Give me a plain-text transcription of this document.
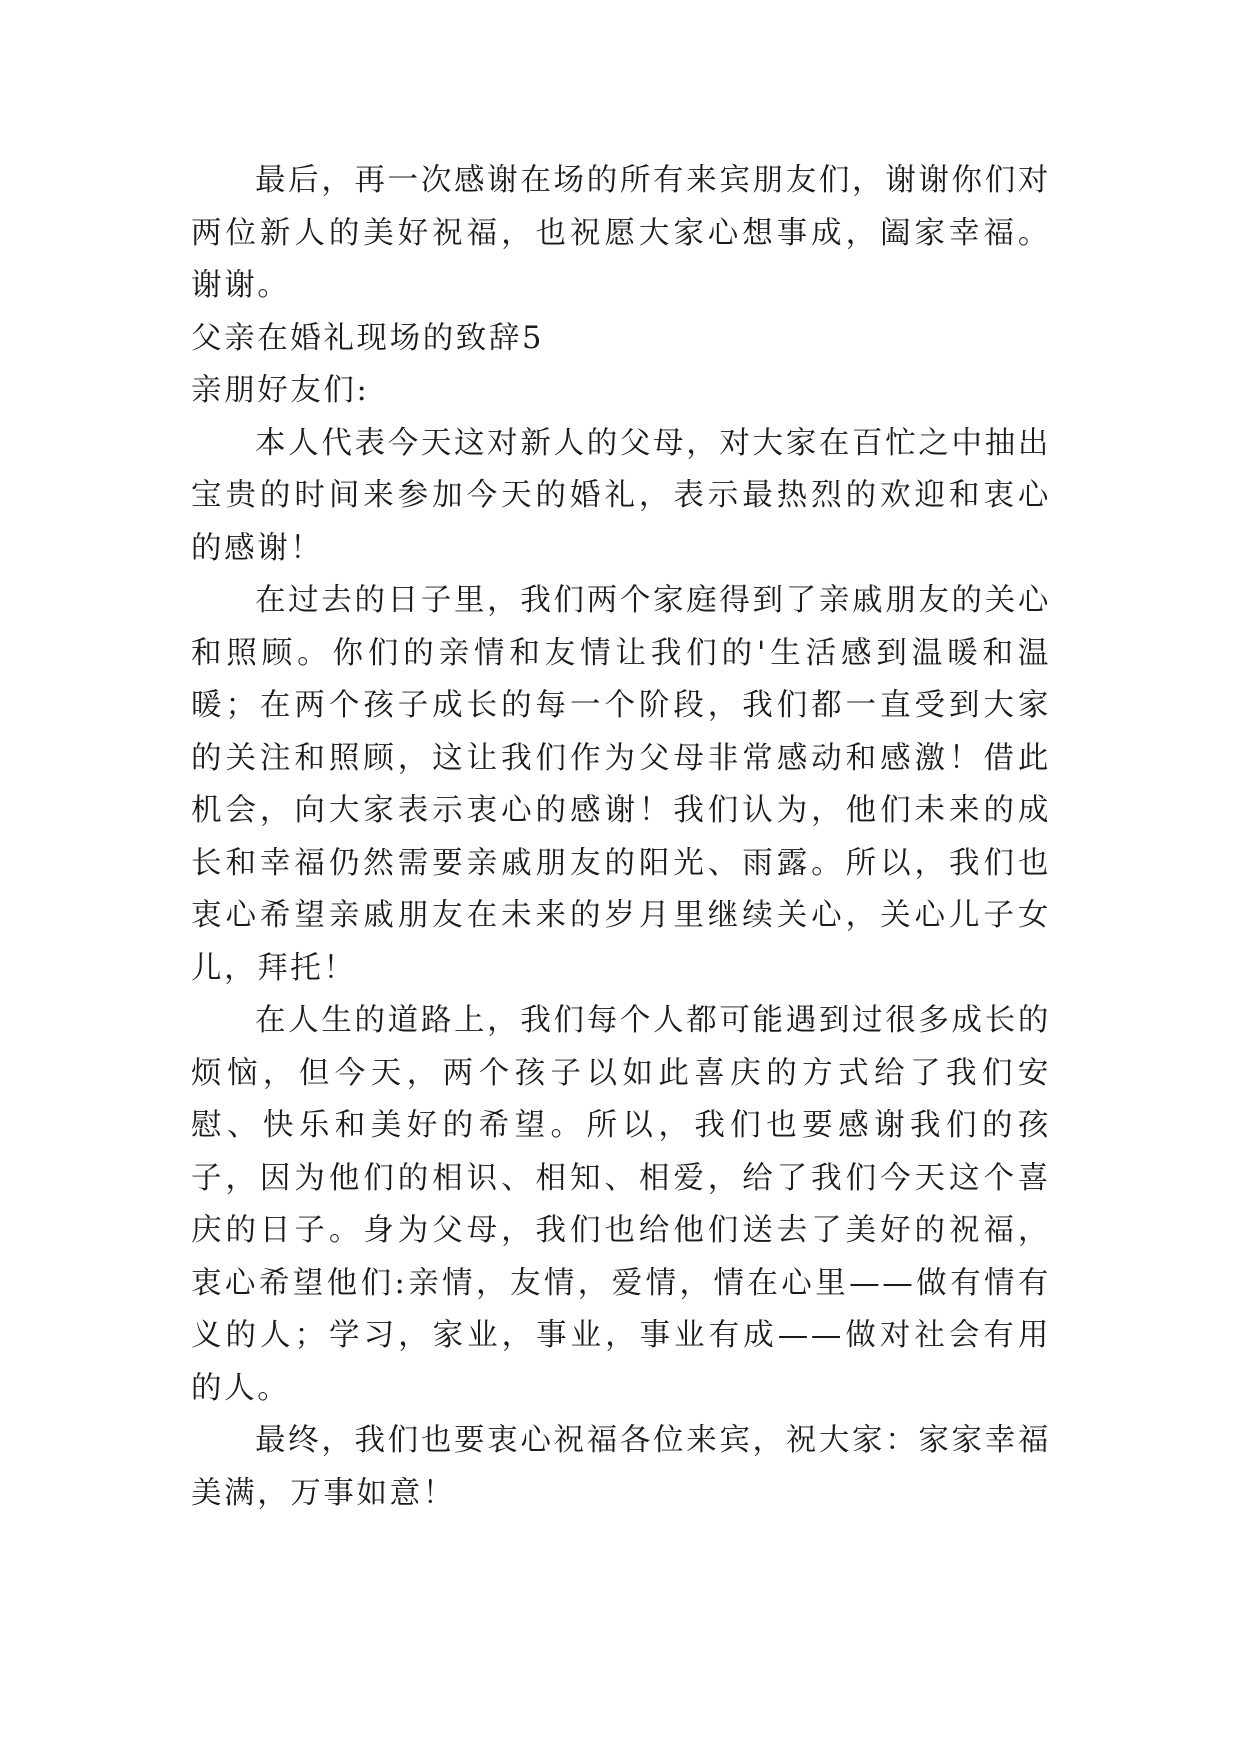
最后，再一次感谢在场的所有来宾朋友们，谢谢你们对两位新人的美好祝福，也祝愿大家心想事成，阖家幸福。谢谢。

父亲在婚礼现场的致辞5

亲朋好友们:

本人代表今天这对新人的父母，对大家在百忙之中抽出宝贵的时间来参加今天的婚礼，表示最热烈的欢迎和衷心的感谢！

在过去的日子里，我们两个家庭得到了亲戚朋友的关心和照顾。你们的亲情和友情让我们的'生活感到温暖和温暖；在两个孩子成长的每一个阶段，我们都一直受到大家的关注和照顾，这让我们作为父母非常感动和感激！借此机会，向大家表示衷心的感谢！我们认为，他们未来的成长和幸福仍然需要亲戚朋友的阳光、雨露。所以，我们也衷心希望亲戚朋友在未来的岁月里继续关心，关心儿子女儿，拜托！

在人生的道路上，我们每个人都可能遇到过很多成长的烦恼，但今天，两个孩子以如此喜庆的方式给了我们安慰、快乐和美好的希望。所以，我们也要感谢我们的孩子，因为他们的相识、相知、相爱，给了我们今天这个喜庆的日子。身为父母，我们也给他们送去了美好的祝福，衷心希望他们:亲情，友情，爱情，情在心里——做有情有义的人；学习，家业，事业，事业有成——做对社会有用的人。

最终，我们也要衷心祝福各位来宾，祝大家：家家幸福美满，万事如意！
